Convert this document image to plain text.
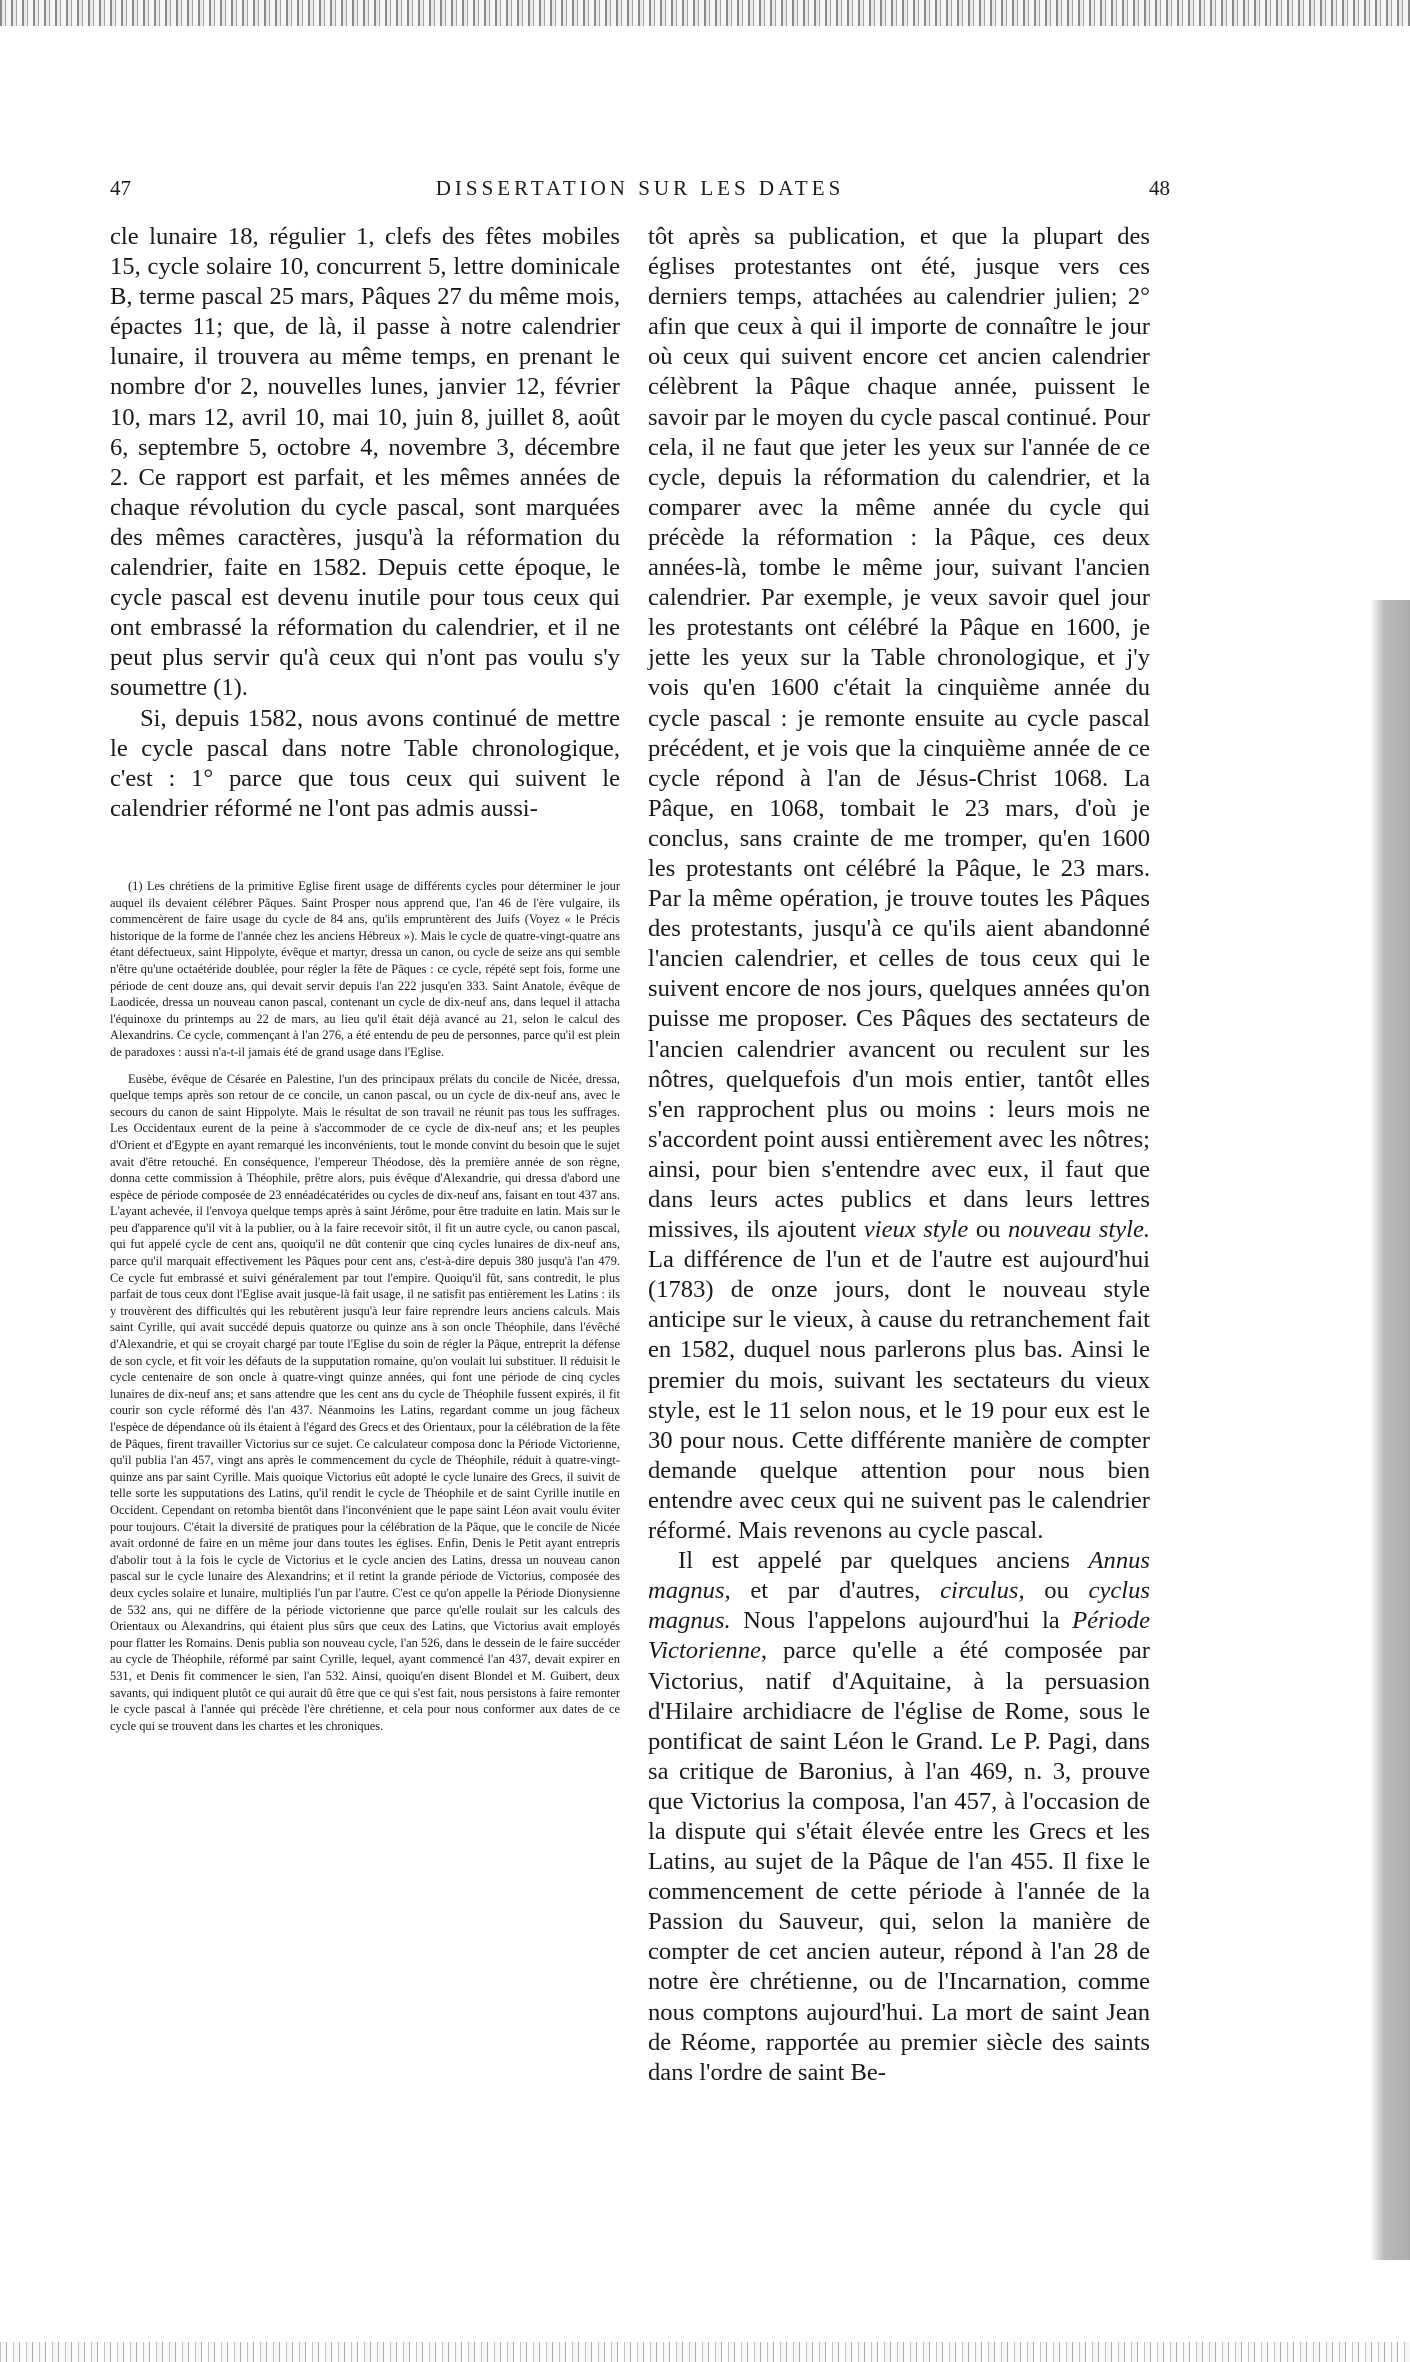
47	DISSERTATION SUR LES DATES	48

cle lunaire 18, régulier 1, clefs des fêtes mobiles 15, cycle solaire 10, concurrent 5, lettre dominicale B, terme pascal 25 mars, Pâques 27 du même mois, épactes 11; que, de là, il passe à notre calendrier lunaire, il trouvera au même temps, en prenant le nombre d'or 2, nouvelles lunes, janvier 12, février 10, mars 12, avril 10, mai 10, juin 8, juillet 8, août 6, septembre 5, octobre 4, novembre 3, décembre 2. Ce rapport est parfait, et les mêmes années de chaque révolution du cycle pascal, sont marquées des mêmes caractères, jusqu'à la réformation du calendrier, faite en 1582. Depuis cette époque, le cycle pascal est devenu inutile pour tous ceux qui ont embrassé la réformation du calendrier, et il ne peut plus servir qu'à ceux qui n'ont pas voulu s'y soumettre (1).

Si, depuis 1582, nous avons continué de mettre le cycle pascal dans notre Table chronologique, c'est : 1° parce que tous ceux qui suivent le calendrier réformé ne l'ont pas admis aussi-

(1) Les chrétiens de la primitive Eglise firent usage de différents cycles pour déterminer le jour auquel ils devaient célébrer Pâques. Saint Prosper nous apprend que, l'an 46 de l'ère vulgaire, ils commencèrent de faire usage du cycle de 84 ans, qu'ils empruntèrent des Juifs (Voyez « le Précis historique de la forme de l'année chez les anciens Hébreux »). Mais le cycle de quatre-vingt-quatre ans étant défectueux, saint Hippolyte, évêque et martyr, dressa un canon, ou cycle de seize ans qui semble n'être qu'une octaétéride doublée, pour régler la fête de Pâques : ce cycle, répété sept fois, forme une période de cent douze ans, qui devait servir depuis l'an 222 jusqu'en 333. Saint Anatole, évêque de Laodicée, dressa un nouveau canon pascal, contenant un cycle de dix-neuf ans, dans lequel il attacha l'équinoxe du printemps au 22 de mars, au lieu qu'il était déjà avancé au 21, selon le calcul des Alexandrins. Ce cycle, commençant à l'an 276, a été entendu de peu de personnes, parce qu'il est plein de paradoxes : aussi n'a-t-il jamais été de grand usage dans l'Eglise.

Eusèbe, évêque de Césarée en Palestine, l'un des principaux prélats du concile de Nicée, dressa, quelque temps après son retour de ce concile, un canon pascal, ou un cycle de dix-neuf ans, avec le secours du canon de saint Hippolyte. Mais le résultat de son travail ne réunit pas tous les suffrages. Les Occidentaux eurent de la peine à s'accommoder de ce cycle de dix-neuf ans; et les peuples d'Orient et d'Egypte en ayant remarqué les inconvénients, tout le monde convint du besoin que le sujet avait d'être retouché. En conséquence, l'empereur Théodose, dès la première année de son règne, donna cette commission à Théophile, prêtre alors, puis évêque d'Alexandrie, qui dressa d'abord une espèce de période composée de 23 ennéadécatérides ou cycles de dix-neuf ans, faisant en tout 437 ans. L'ayant achevée, il l'envoya quelque temps après à saint Jérôme, pour être traduite en latin. Mais sur le peu d'apparence qu'il vit à la publier, ou à la faire recevoir sitôt, il fit un autre cycle, ou canon pascal, qui fut appelé cycle de cent ans, quoiqu'il ne dût contenir que cinq cycles lunaires de dix-neuf ans, parce qu'il marquait effectivement les Pâques pour cent ans, c'est-à-dire depuis 380 jusqu'à l'an 479. Ce cycle fut embrassé et suivi généralement par tout l'empire. Quoiqu'il fût, sans contredit, le plus parfait de tous ceux dont l'Eglise avait jusque-là fait usage, il ne satisfit pas entièrement les Latins : ils y trouvèrent des difficultés qui les rebutèrent jusqu'à leur faire reprendre leurs anciens calculs. Mais saint Cyrille, qui avait succédé depuis quatorze ou quinze ans à son oncle Théophile, dans l'évêché d'Alexandrie, et qui se croyait chargé par toute l'Eglise du soin de régler la Pâque, entreprit la défense de son cycle, et fit voir les défauts de la supputation romaine, qu'on voulait lui substituer. Il réduisit le cycle centenaire de son oncle à quatre-vingt quinze années, qui font une période de cinq cycles lunaires de dix-neuf ans; et sans attendre que les cent ans du cycle de Théophile fussent expirés, il fit courir son cycle réformé dès l'an 437. Néanmoins les Latins, regardant comme un joug fâcheux l'espèce de dépendance où ils étaient à l'égard des Grecs et des Orientaux, pour la célébration de la fête de Pâques, firent travailler Victorius sur ce sujet. Ce calculateur composa donc la Période Victorienne, qu'il publia l'an 457, vingt ans après le commencement du cycle de Théophile, réduit à quatre-vingt-quinze ans par saint Cyrille. Mais quoique Victorius eût adopté le cycle lunaire des Grecs, il suivit de telle sorte les supputations des Latins, qu'il rendit le cycle de Théophile et de saint Cyrille inutile en Occident. Cependant on retomba bientôt dans l'inconvénient que le pape saint Léon avait voulu éviter pour toujours. C'était la diversité de pratiques pour la célébration de la Pâque, que le concile de Nicée avait ordonné de faire en un même jour dans toutes les églises. Enfin, Denis le Petit ayant entrepris d'abolir tout à la fois le cycle de Victorius et le cycle ancien des Latins, dressa un nouveau canon pascal sur le cycle lunaire des Alexandrins; et il retint la grande période de Victorius, composée des deux cycles solaire et lunaire, multipliés l'un par l'autre. C'est ce qu'on appelle la Période Dionysienne de 532 ans, qui ne diffère de la période victorienne que parce qu'elle roulait sur les calculs des Orientaux ou Alexandrins, qui étaient plus sûrs que ceux des Latins, que Victorius avait employés pour flatter les Romains. Denis publia son nouveau cycle, l'an 526, dans le dessein de le faire succéder au cycle de Théophile, réformé par saint Cyrille, lequel, ayant commencé l'an 437, devait expirer en 531, et Denis fit commencer le sien, l'an 532. Ainsi, quoiqu'en disent Blondel et M. Guibert, deux savants, qui indiquent plutôt ce qui aurait dû être que ce qui s'est fait, nous persistons à faire remonter le cycle pascal à l'année qui précède l'ère chrétienne, et cela pour nous conformer aux dates de ce cycle qui se trouvent dans les chartes et les chroniques.

tôt après sa publication, et que la plupart des églises protestantes ont été, jusque vers ces derniers temps, attachées au calendrier julien; 2° afin que ceux à qui il importe de connaître le jour où ceux qui suivent encore cet ancien calendrier célèbrent la Pâque chaque année, puissent le savoir par le moyen du cycle pascal continué. Pour cela, il ne faut que jeter les yeux sur l'année de ce cycle, depuis la réformation du calendrier, et la comparer avec la même année du cycle qui précède la réformation : la Pâque, ces deux années-là, tombe le même jour, suivant l'ancien calendrier. Par exemple, je veux savoir quel jour les protestants ont célébré la Pâque en 1600, je jette les yeux sur la Table chronologique, et j'y vois qu'en 1600 c'était la cinquième année du cycle pascal : je remonte ensuite au cycle pascal précédent, et je vois que la cinquième année de ce cycle répond à l'an de Jésus-Christ 1068. La Pâque, en 1068, tombait le 23 mars, d'où je conclus, sans crainte de me tromper, qu'en 1600 les protestants ont célébré la Pâque, le 23 mars. Par la même opération, je trouve toutes les Pâques des protestants, jusqu'à ce qu'ils aient abandonné l'ancien calendrier, et celles de tous ceux qui le suivent encore de nos jours, quelques années qu'on puisse me proposer. Ces Pâques des sectateurs de l'ancien calendrier avancent ou reculent sur les nôtres, quelquefois d'un mois entier, tantôt elles s'en rapprochent plus ou moins : leurs mois ne s'accordent point aussi entièrement avec les nôtres; ainsi, pour bien s'entendre avec eux, il faut que dans leurs actes publics et dans leurs lettres missives, ils ajoutent vieux style ou nouveau style. La différence de l'un et de l'autre est aujourd'hui (1783) de onze jours, dont le nouveau style anticipe sur le vieux, à cause du retranchement fait en 1582, duquel nous parlerons plus bas. Ainsi le premier du mois, suivant les sectateurs du vieux style, est le 11 selon nous, et le 19 pour eux est le 30 pour nous. Cette différente manière de compter demande quelque attention pour nous bien entendre avec ceux qui ne suivent pas le calendrier réformé. Mais revenons au cycle pascal.

Il est appelé par quelques anciens Annus magnus, et par d'autres, circulus, ou cyclus magnus. Nous l'appelons aujourd'hui la Période Victorienne, parce qu'elle a été composée par Victorius, natif d'Aquitaine, à la persuasion d'Hilaire archidiacre de l'église de Rome, sous le pontificat de saint Léon le Grand. Le P. Pagi, dans sa critique de Baronius, à l'an 469, n. 3, prouve que Victorius la composa, l'an 457, à l'occasion de la dispute qui s'était élevée entre les Grecs et les Latins, au sujet de la Pâque de l'an 455. Il fixe le commencement de cette période à l'année de la Passion du Sauveur, qui, selon la manière de compter de cet ancien auteur, répond à l'an 28 de notre ère chrétienne, ou de l'Incarnation, comme nous comptons aujourd'hui. La mort de saint Jean de Réome, rapportée au premier siècle des saints dans l'ordre de saint Be-
